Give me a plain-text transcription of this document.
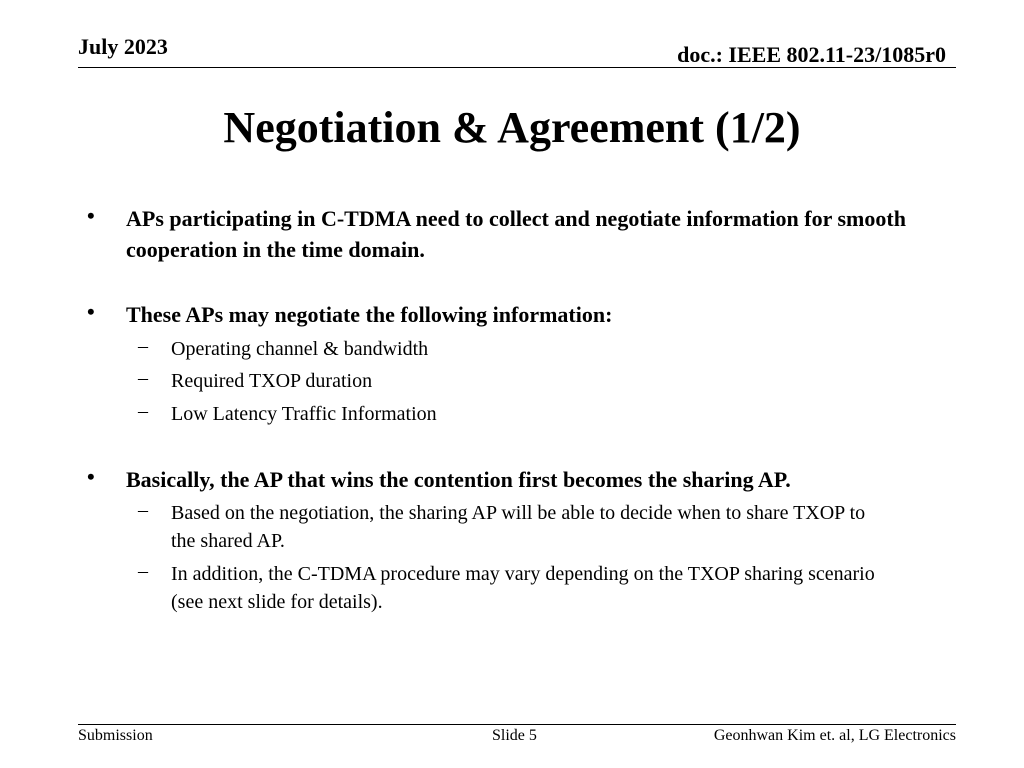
July 2023	doc.: IEEE 802.11-23/1085r0
Negotiation & Agreement (1/2)
• APs participating in C-TDMA need to collect and negotiate information for smooth cooperation in the time domain.
• These APs may negotiate the following information:
– Operating channel & bandwidth
– Required TXOP duration
– Low Latency Traffic Information
• Basically, the AP that wins the contention first becomes the sharing AP.
– Based on the negotiation, the sharing AP will be able to decide when to share TXOP to the shared AP.
– In addition, the C-TDMA procedure may vary depending on the TXOP sharing scenario (see next slide for details).
Submission	Slide 5	Geonhwan Kim et. al, LG Electronics
